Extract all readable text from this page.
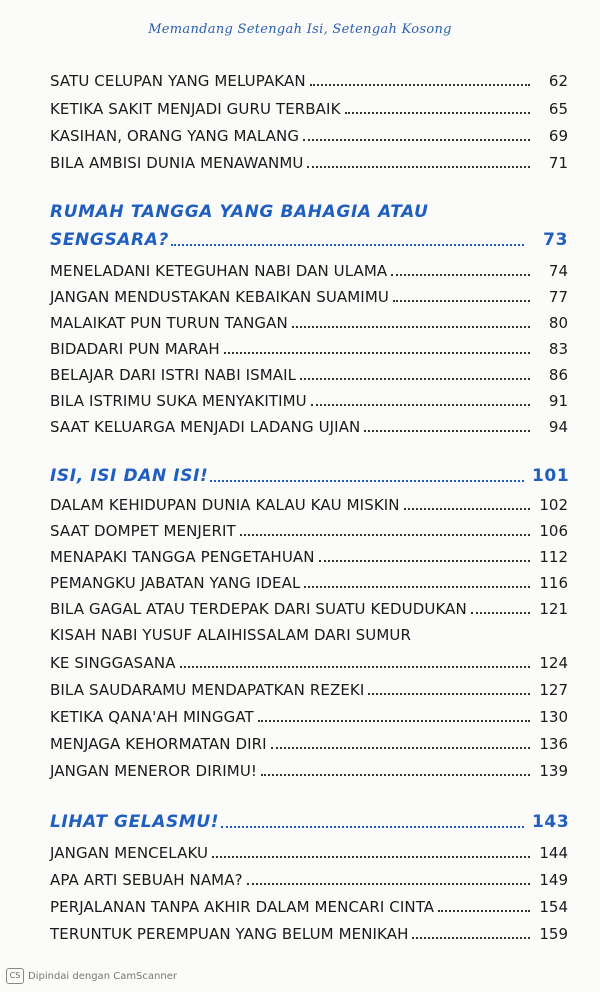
Memandang Setengah Isi, Setengah Kosong
SATU CELUPAN YANG MELUPAKAN	62
KETIKA SAKIT MENJADI GURU TERBAIK	65
KASIHAN, ORANG YANG MALANG	69
BILA AMBISI DUNIA MENAWANMU	71
RUMAH TANGGA YANG BAHAGIA ATAU
SENGSARA?	73
MENELADANI KETEGUHAN NABI DAN ULAMA	74
JANGAN MENDUSTAKAN KEBAIKAN SUAMIMU	77
MALAIKAT PUN TURUN TANGAN	80
BIDADARI PUN MARAH	83
BELAJAR DARI ISTRI NABI ISMAIL	86
BILA ISTRIMU SUKA MENYAKITIMU	91
SAAT KELUARGA MENJADI LADANG UJIAN	94
ISI, ISI DAN ISI!	101
DALAM KEHIDUPAN DUNIA KALAU KAU MISKIN	102
SAAT DOMPET MENJERIT	106
MENAPAKI TANGGA PENGETAHUAN	112
PEMANGKU JABATAN YANG IDEAL	116
BILA GAGAL ATAU TERDEPAK DARI SUATU KEDUDUKAN	121
KISAH NABI YUSUF ALAIHISSALAM DARI SUMUR
KE SINGGASANA	124
BILA SAUDARAMU MENDAPATKAN REZEKI	127
KETIKA QANA'AH MINGGAT	130
MENJAGA KEHORMATAN DIRI	136
JANGAN MENEROR DIRIMU!	139
LIHAT GELASMU!	143
JANGAN MENCELAKU	144
APA ARTI SEBUAH NAMA?	149
PERJALANAN TANPA AKHIR DALAM MENCARI CINTA	154
TERUNTUK PEREMPUAN YANG BELUM MENIKAH	159
CS Dipindai dengan CamScanner
